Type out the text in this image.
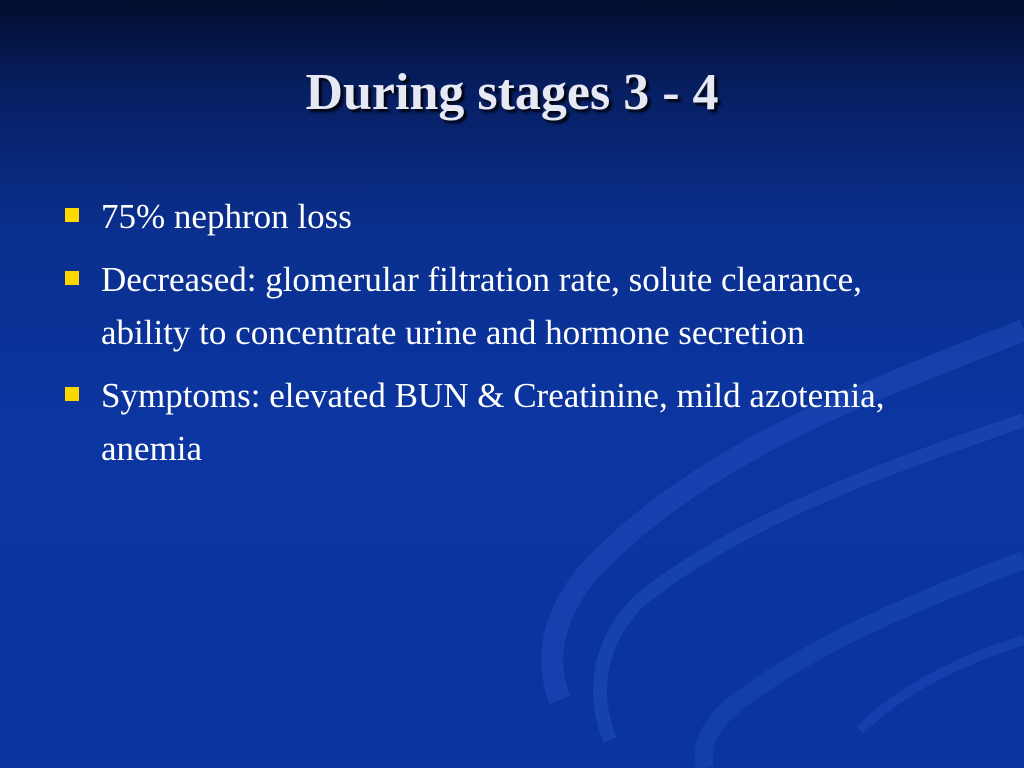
During stages 3 - 4
75% nephron loss
Decreased: glomerular filtration rate, solute clearance, ability to concentrate urine and hormone secretion
Symptoms: elevated BUN & Creatinine, mild azotemia, anemia
